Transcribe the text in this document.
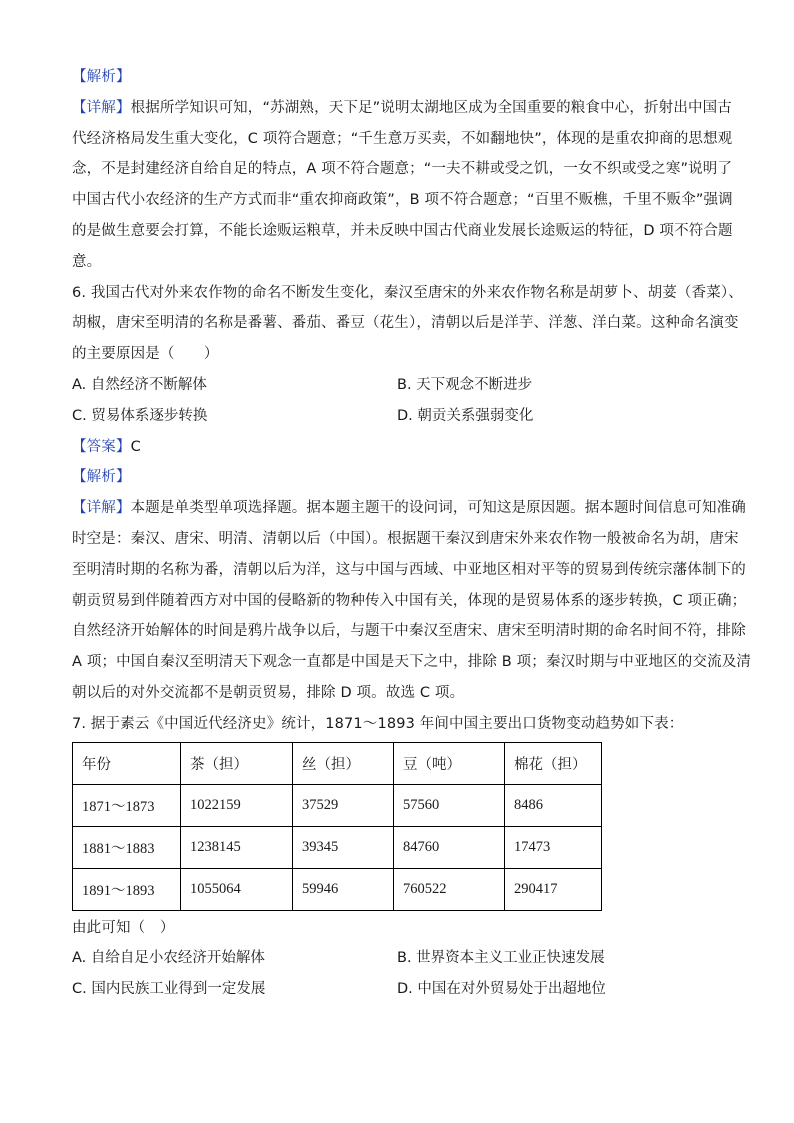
【解析】
【详解】根据所学知识可知，“苏湖熟，天下足”说明太湖地区成为全国重要的粮食中心，折射出中国古
代经济格局发生重大变化，C 项符合题意；“千生意万买卖，不如翻地快”，体现的是重农抑商的思想观
念，不是封建经济自给自足的特点，A 项不符合题意；“一夫不耕或受之饥，一女不织或受之寒”说明了
中国古代小农经济的生产方式而非“重农抑商政策”，B 项不符合题意；“百里不贩樵，千里不贩伞”强调
的是做生意要会打算，不能长途贩运粮草，并未反映中国古代商业发展长途贩运的特征，D 项不符合题
意。
6. 我国古代对外来农作物的命名不断发生变化，秦汉至唐宋的外来农作物名称是胡萝卜、胡荽（香菜）、
胡椒，唐宋至明清的名称是番薯、番茄、番豆（花生），清朝以后是洋芋、洋葱、洋白菜。这种命名演变
的主要原因是（　　）
A. 自然经济不断解体	B. 天下观念不断进步
C. 贸易体系逐步转换	D. 朝贡关系强弱变化
【答案】C
【解析】
【详解】本题是单类型单项选择题。据本题主题干的设问词，可知这是原因题。据本题时间信息可知准确
时空是：秦汉、唐宋、明清、清朝以后（中国）。根据题干秦汉到唐宋外来农作物一般被命名为胡，唐宋
至明清时期的名称为番，清朝以后为洋，这与中国与西域、中亚地区相对平等的贸易到传统宗藩体制下的
朝贡贸易到伴随着西方对中国的侵略新的物种传入中国有关，体现的是贸易体系的逐步转换，C 项正确；
自然经济开始解体的时间是鸦片战争以后，与题干中秦汉至唐宋、唐宋至明清时期的命名时间不符，排除
A 项；中国自秦汉至明清天下观念一直都是中国是天下之中，排除 B 项；秦汉时期与中亚地区的交流及清
朝以后的对外交流都不是朝贡贸易，排除 D 项。故选 C 项。
7. 据于素云《中国近代经济史》统计，1871～1893 年间中国主要出口货物变动趋势如下表：
年份	茶（担）	丝（担）	豆（吨）	棉花（担）
1871～1873	1022159	37529	57560	8486
1881～1883	1238145	39345	84760	17473
1891～1893	1055064	59946	760522	290417
由此可知（　）
A. 自给自足小农经济开始解体	B. 世界资本主义工业正快速发展
C. 国内民族工业得到一定发展	D. 中国在对外贸易处于出超地位
